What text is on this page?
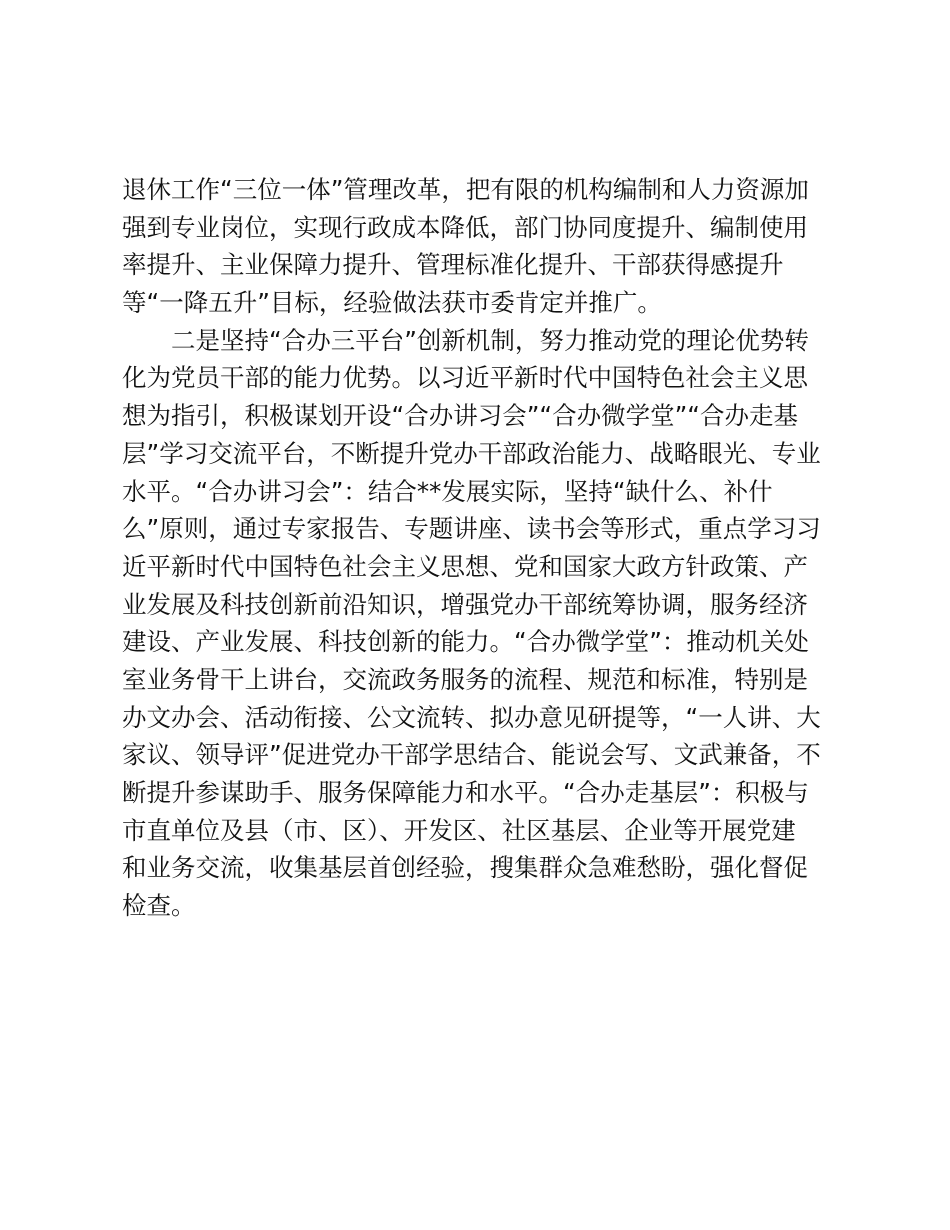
退休工作“三位一体”管理改革，把有限的机构编制和人力资源加
强到专业岗位，实现行政成本降低，部门协同度提升、编制使用
率提升、主业保障力提升、管理标准化提升、干部获得感提升
等“一降五升”目标，经验做法获市委肯定并推广。
二是坚持“合办三平台”创新机制，努力推动党的理论优势转
化为党员干部的能力优势。以习近平新时代中国特色社会主义思
想为指引，积极谋划开设“合办讲习会”“合办微学堂”“合办走基
层”学习交流平台，不断提升党办干部政治能力、战略眼光、专业
水平。“合办讲习会”：结合**发展实际，坚持“缺什么、补什
么”原则，通过专家报告、专题讲座、读书会等形式，重点学习习
近平新时代中国特色社会主义思想、党和国家大政方针政策、产
业发展及科技创新前沿知识，增强党办干部统筹协调，服务经济
建设、产业发展、科技创新的能力。“合办微学堂”：推动机关处
室业务骨干上讲台，交流政务服务的流程、规范和标准，特别是
办文办会、活动衔接、公文流转、拟办意见研提等，“一人讲、大
家议、领导评”促进党办干部学思结合、能说会写、文武兼备，不
断提升参谋助手、服务保障能力和水平。“合办走基层”：积极与
市直单位及县（市、区）、开发区、社区基层、企业等开展党建
和业务交流，收集基层首创经验，搜集群众急难愁盼，强化督促
检查。
